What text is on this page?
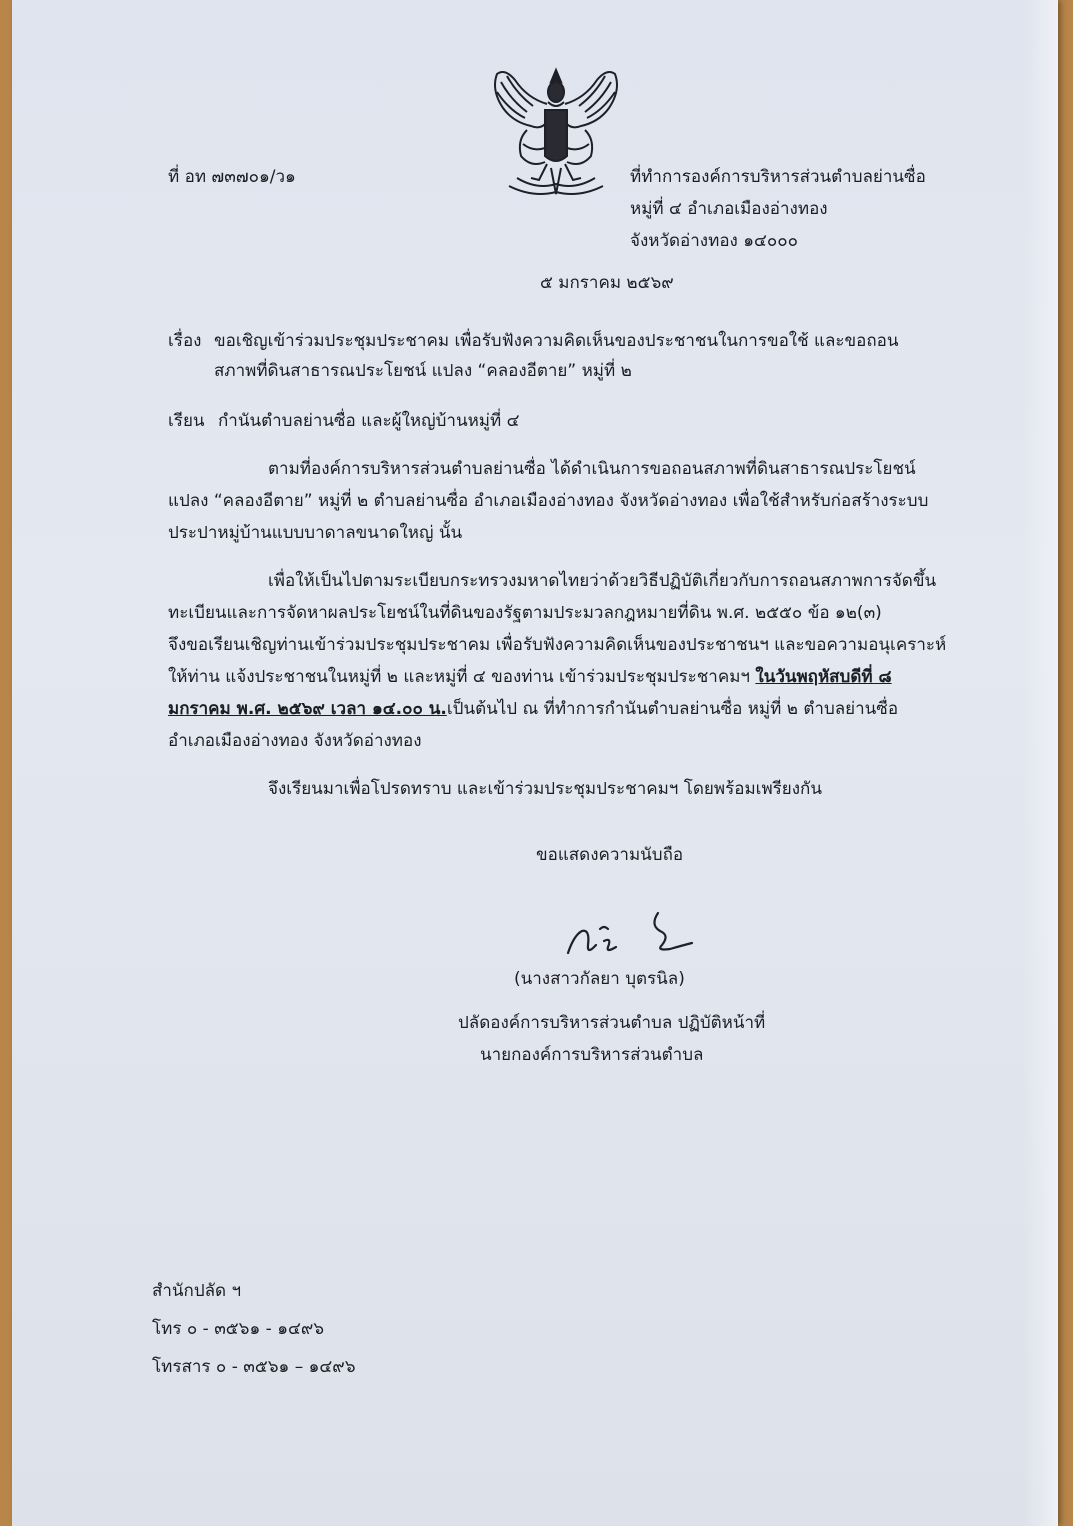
ที่ อท ๗๓๗๐๑/ว๑	ที่ทำการองค์การบริหารส่วนตำบลย่านซื่อ
หมู่ที่ ๔ อำเภอเมืองอ่างทอง
จังหวัดอ่างทอง ๑๔๐๐๐
๕ มกราคม ๒๕๖๙
เรื่อง ขอเชิญเข้าร่วมประชุมประชาคม เพื่อรับฟังความคิดเห็นของประชาชนในการขอใช้ และขอถอน
สภาพที่ดินสาธารณประโยชน์ แปลง “คลองอีตาย” หมู่ที่ ๒
เรียน กำนันตำบลย่านซื่อ และผู้ใหญ่บ้านหมู่ที่ ๔
ตามที่องค์การบริหารส่วนตำบลย่านซื่อ ได้ดำเนินการขอถอนสภาพที่ดินสาธารณประโยชน์
แปลง “คลองอีตาย” หมู่ที่ ๒ ตำบลย่านซื่อ อำเภอเมืองอ่างทอง จังหวัดอ่างทอง เพื่อใช้สำหรับก่อสร้างระบบ
ประปาหมู่บ้านแบบบาดาลขนาดใหญ่ นั้น
เพื่อให้เป็นไปตามระเบียบกระทรวงมหาดไทยว่าด้วยวิธีปฏิบัติเกี่ยวกับการถอนสภาพการจัดขึ้น
ทะเบียนและการจัดหาผลประโยชน์ในที่ดินของรัฐตามประมวลกฎหมายที่ดิน พ.ศ. ๒๕๕๐ ข้อ ๑๒(๓)
จึงขอเรียนเชิญท่านเข้าร่วมประชุมประชาคม เพื่อรับฟังความคิดเห็นของประชาชนฯ และขอความอนุเคราะห์
ให้ท่าน แจ้งประชาชนในหมู่ที่ ๒ และหมู่ที่ ๔ ของท่าน เข้าร่วมประชุมประชาคมฯ ในวันพฤหัสบดีที่ ๘
มกราคม พ.ศ. ๒๕๖๙ เวลา ๑๔.๐๐ น.เป็นต้นไป ณ ที่ทำการกำนันตำบลย่านซื่อ หมู่ที่ ๒ ตำบลย่านซื่อ
อำเภอเมืองอ่างทอง จังหวัดอ่างทอง
จึงเรียนมาเพื่อโปรดทราบ และเข้าร่วมประชุมประชาคมฯ โดยพร้อมเพรียงกัน
ขอแสดงความนับถือ
(นางสาวกัลยา บุตรนิล)
ปลัดองค์การบริหารส่วนตำบล ปฏิบัติหน้าที่
นายกองค์การบริหารส่วนตำบล
สำนักปลัด ฯ
โทร ๐ - ๓๕๖๑ - ๑๔๙๖
โทรสาร ๐ - ๓๕๖๑ – ๑๔๙๖
